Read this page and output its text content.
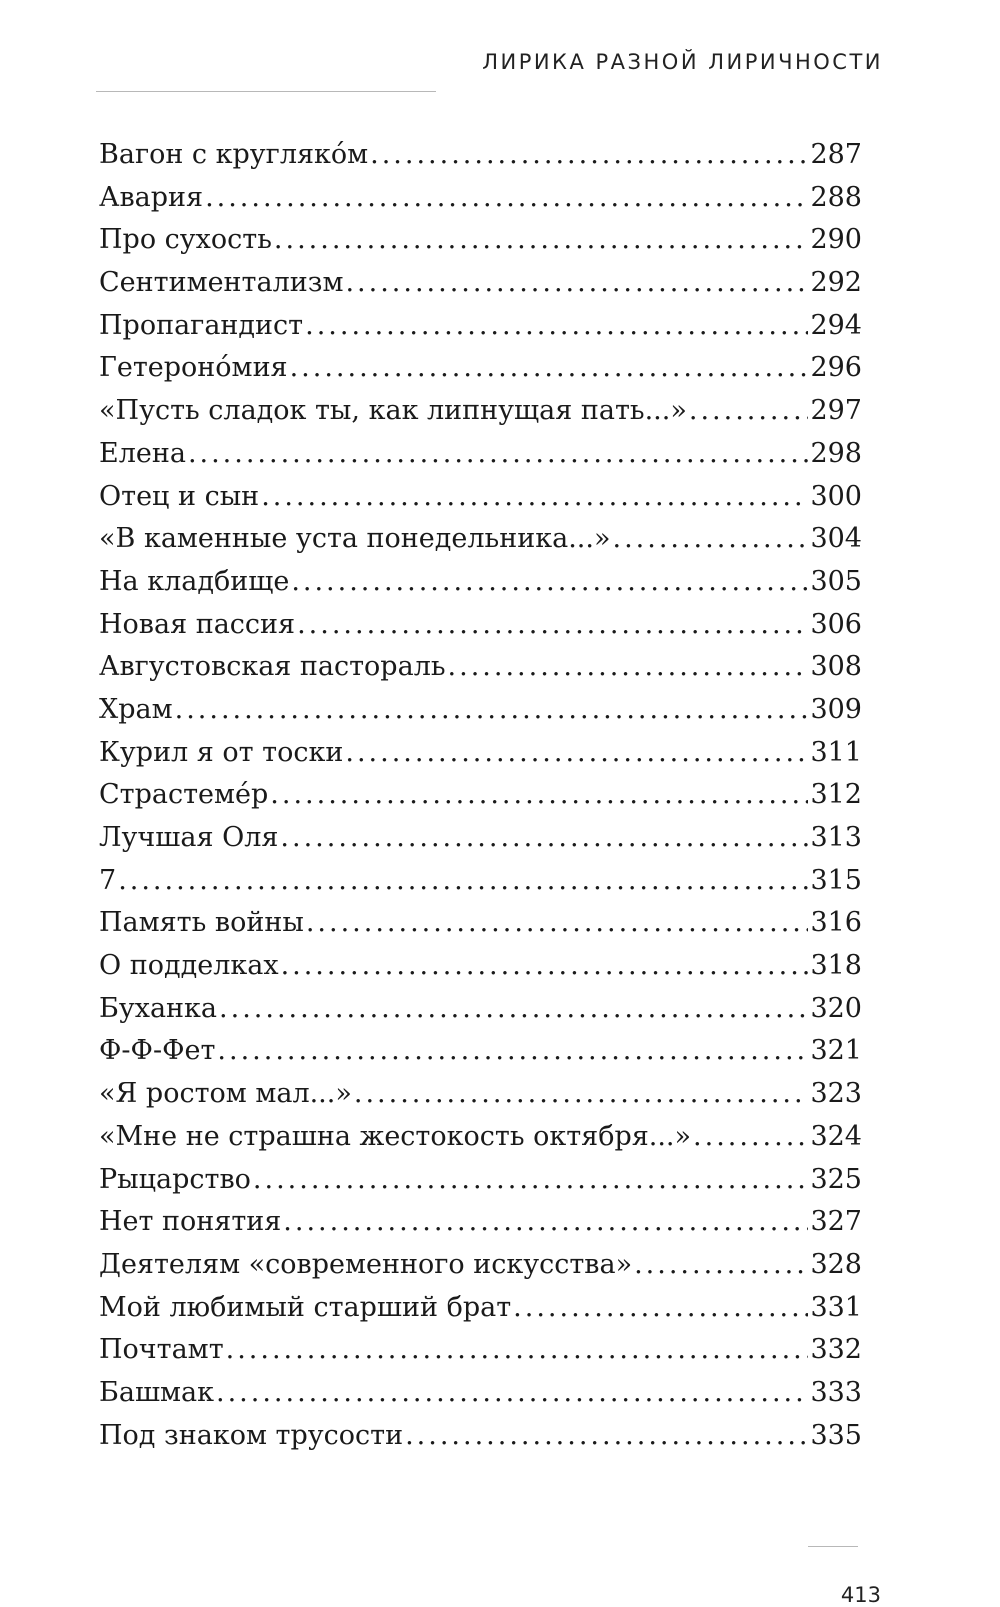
ЛИРИКА РАЗНОЙ ЛИРИЧНОСТИ
Вагон с кругляко́м .....	287
Авария .....	288
Про сухость .....	290
Сентиментализм .....	292
Пропагандист .....	294
Гетероно́мия .....	296
«Пусть сладок ты, как липнущая пать...» .....	297
Елена .....	298
Отец и сын .....	300
«В каменные уста понедельника...» .....	304
На кладбище .....	305
Новая пассия .....	306
Августовская пастораль .....	308
Храм .....	309
Курил я от тоски .....	311
Страстеме́р .....	312
Лучшая Оля .....	313
7 .....	315
Память войны .....	316
О подделках .....	318
Буханка .....	320
Ф-Ф-Фет .....	321
«Я ростом мал...» .....	323
«Мне не страшна жестокость октября...» .....	324
Рыцарство .....	325
Нет понятия .....	327
Деятелям «современного искусства» .....	328
Мой любимый старший брат .....	331
Почтамт .....	332
Башмак .....	333
Под знаком трусости .....	335
413
